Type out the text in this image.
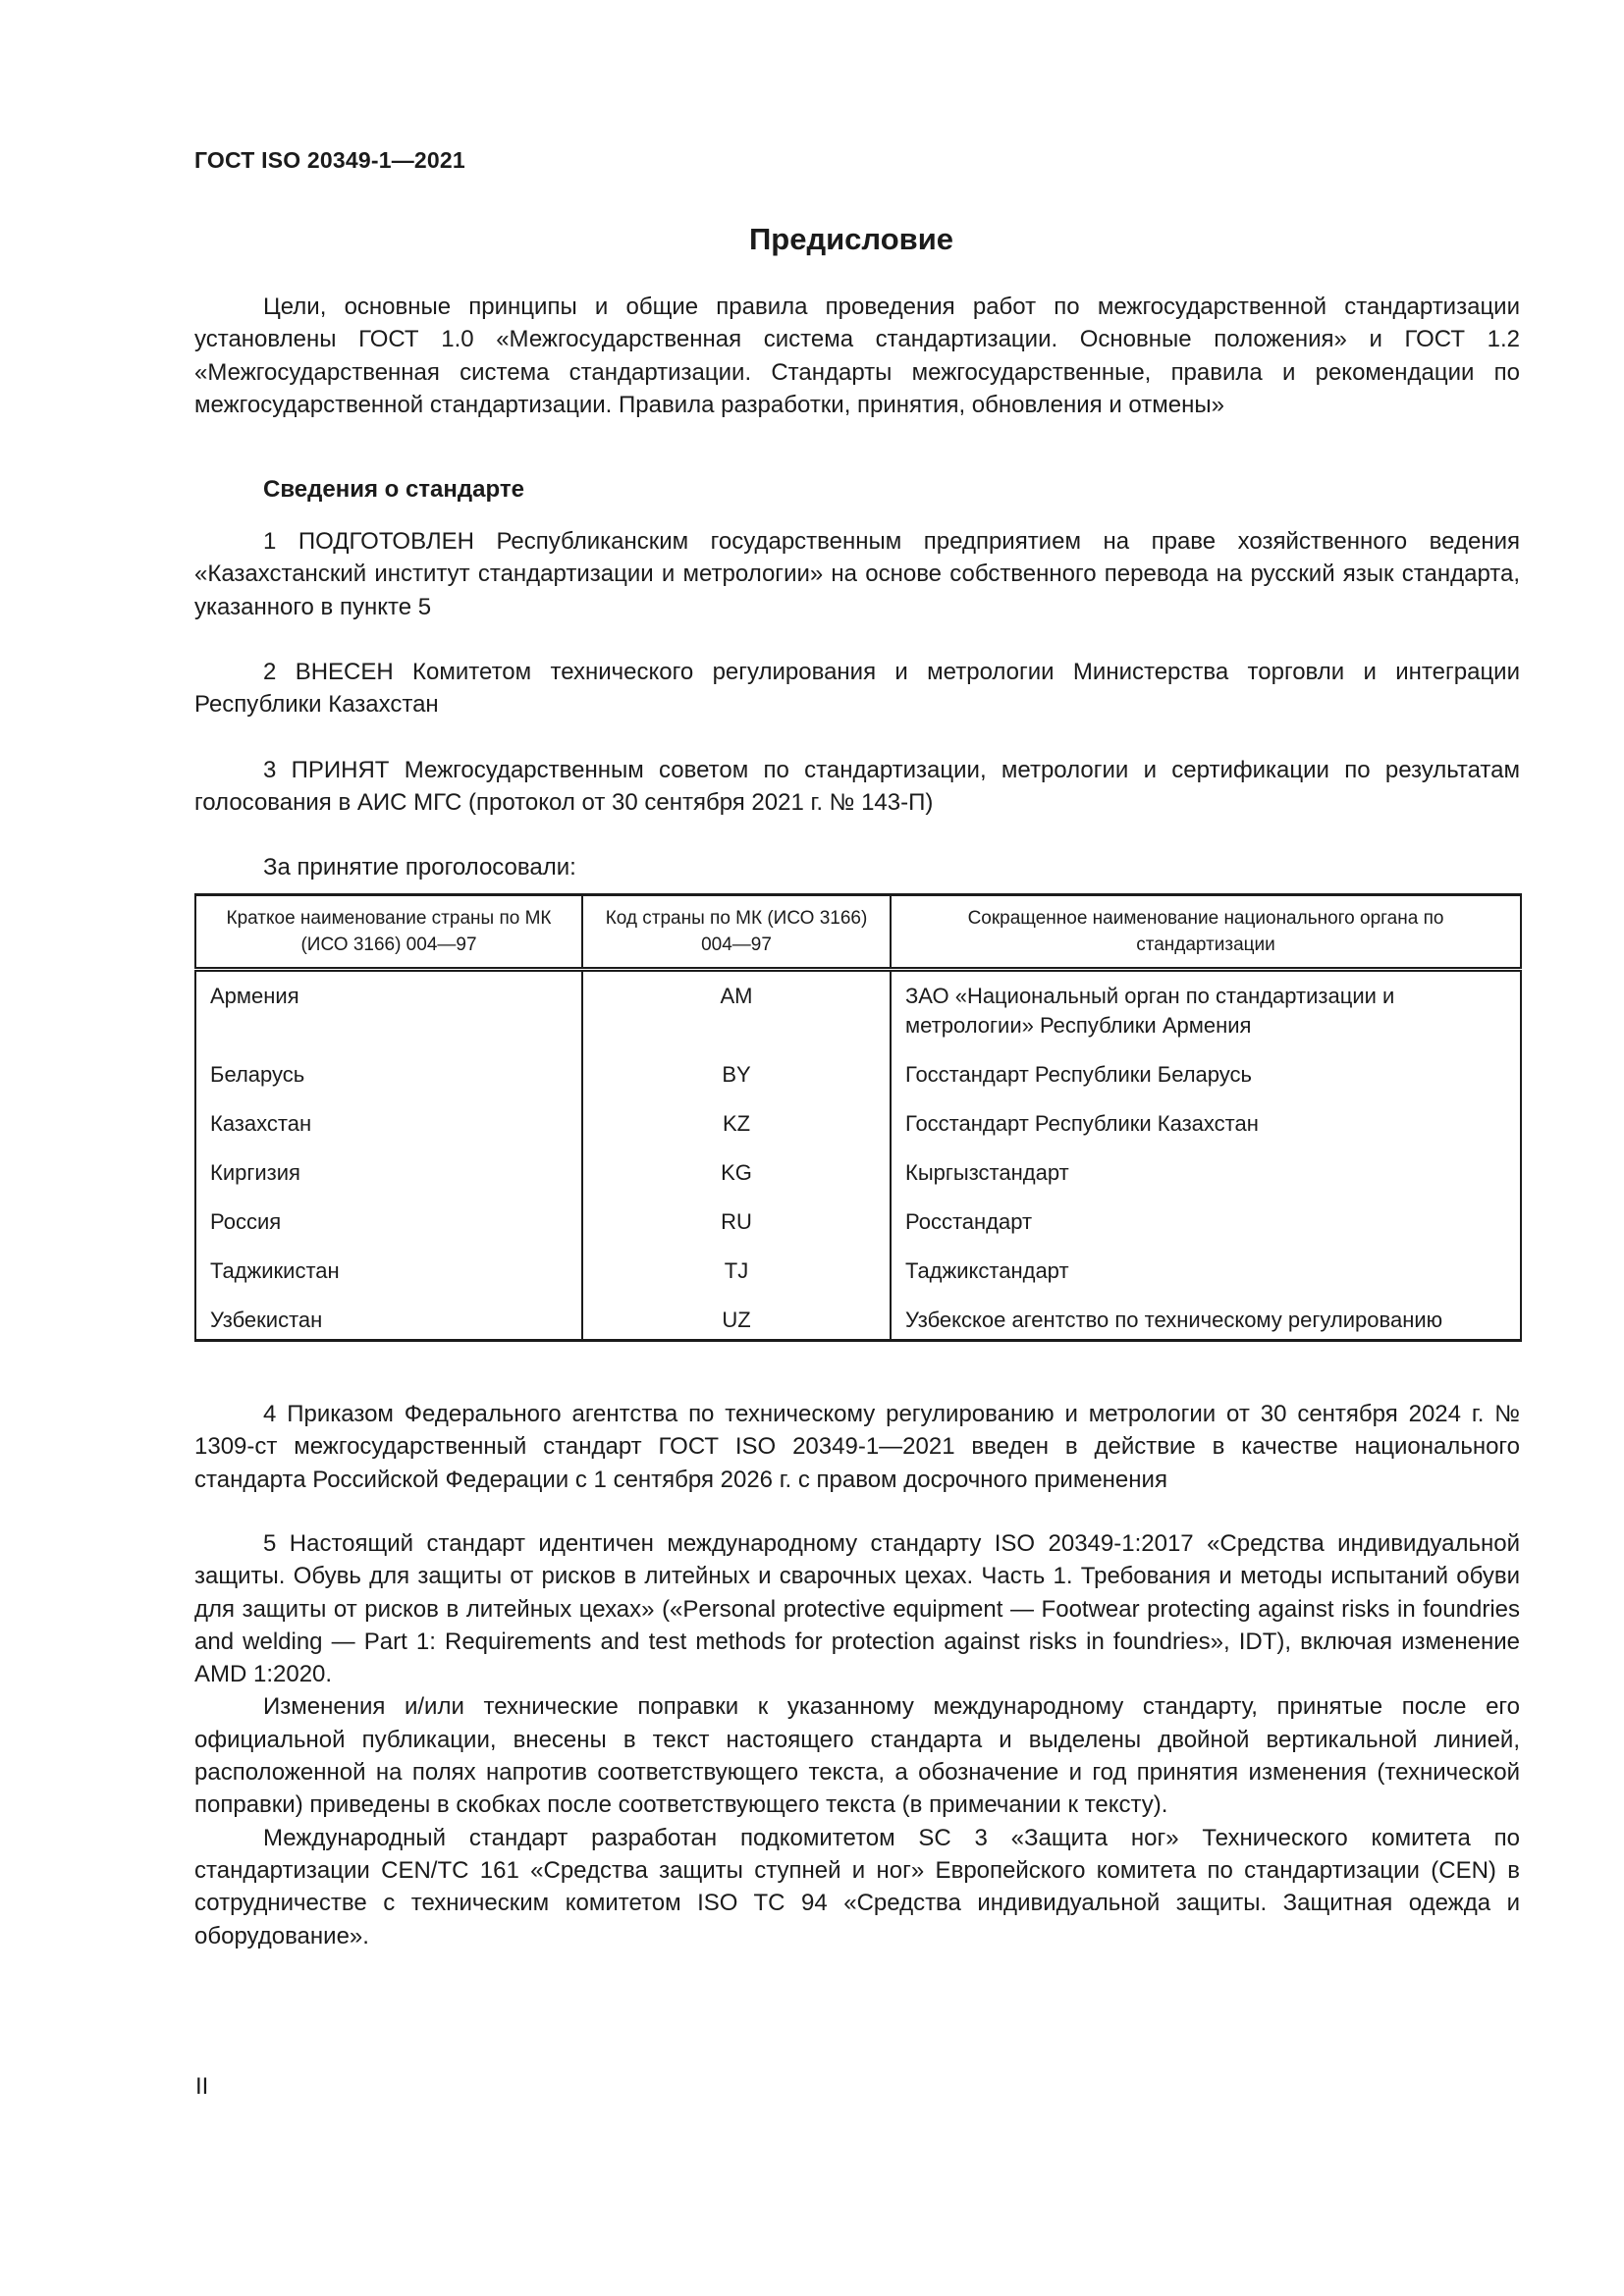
ГОСТ ISO 20349-1—2021
Предисловие

Цели, основные принципы и общие правила проведения работ по межгосударственной стандартизации установлены ГОСТ 1.0 «Межгосударственная система стандартизации. Основные положения» и ГОСТ 1.2 «Межгосударственная система стандартизации. Стандарты межгосударственные, правила и рекомендации по межгосударственной стандартизации. Правила разработки, принятия, обновления и отмены»

Сведения о стандарте

1 ПОДГОТОВЛЕН Республиканским государственным предприятием на праве хозяйственного ведения «Казахстанский институт стандартизации и метрологии» на основе собственного перевода на русский язык стандарта, указанного в пункте 5

2 ВНЕСЕН Комитетом технического регулирования и метрологии Министерства торговли и интеграции Республики Казахстан

3 ПРИНЯТ Межгосударственным советом по стандартизации, метрологии и сертификации по результатам голосования в АИС МГС (протокол от 30 сентября 2021 г. № 143-П)

За принятие проголосовали:
Краткое наименование страны по МК (ИСО 3166) 004—97	Код страны по МК (ИСО 3166) 004—97	Сокращенное наименование национального органа по стандартизации
Армения	AM	ЗАО «Национальный орган по стандартизации и метрологии» Республики Армения
Беларусь	BY	Госстандарт Республики Беларусь
Казахстан	KZ	Госстандарт Республики Казахстан
Киргизия	KG	Кыргызстандарт
Россия	RU	Росстандарт
Таджикистан	TJ	Таджикстандарт
Узбекистан	UZ	Узбекское агентство по техническому регулированию

4 Приказом Федерального агентства по техническому регулированию и метрологии от 30 сентября 2024 г. № 1309-ст межгосударственный стандарт ГОСТ ISO 20349-1—2021 введен в действие в качестве национального стандарта Российской Федерации с 1 сентября 2026 г. с правом досрочного применения

5 Настоящий стандарт идентичен международному стандарту ISO 20349-1:2017 «Средства индивидуальной защиты. Обувь для защиты от рисков в литейных и сварочных цехах. Часть 1. Требования и методы испытаний обуви для защиты от рисков в литейных цехах» («Personal protective equipment — Footwear protecting against risks in foundries and welding — Part 1: Requirements and test methods for protection against risks in foundries», IDT), включая изменение AMD 1:2020.

Изменения и/или технические поправки к указанному международному стандарту, принятые после его официальной публикации, внесены в текст настоящего стандарта и выделены двойной вертикальной линией, расположенной на полях напротив соответствующего текста, а обозначение и год принятия изменения (технической поправки) приведены в скобках после соответствующего текста (в примечании к тексту).

Международный стандарт разработан подкомитетом SC 3 «Защита ног» Технического комитета по стандартизации CEN/TC 161 «Средства защиты ступней и ног» Европейского комитета по стандартизации (CEN) в сотрудничестве с техническим комитетом ISO TC 94 «Средства индивидуальной защиты. Защитная одежда и оборудование».

II
